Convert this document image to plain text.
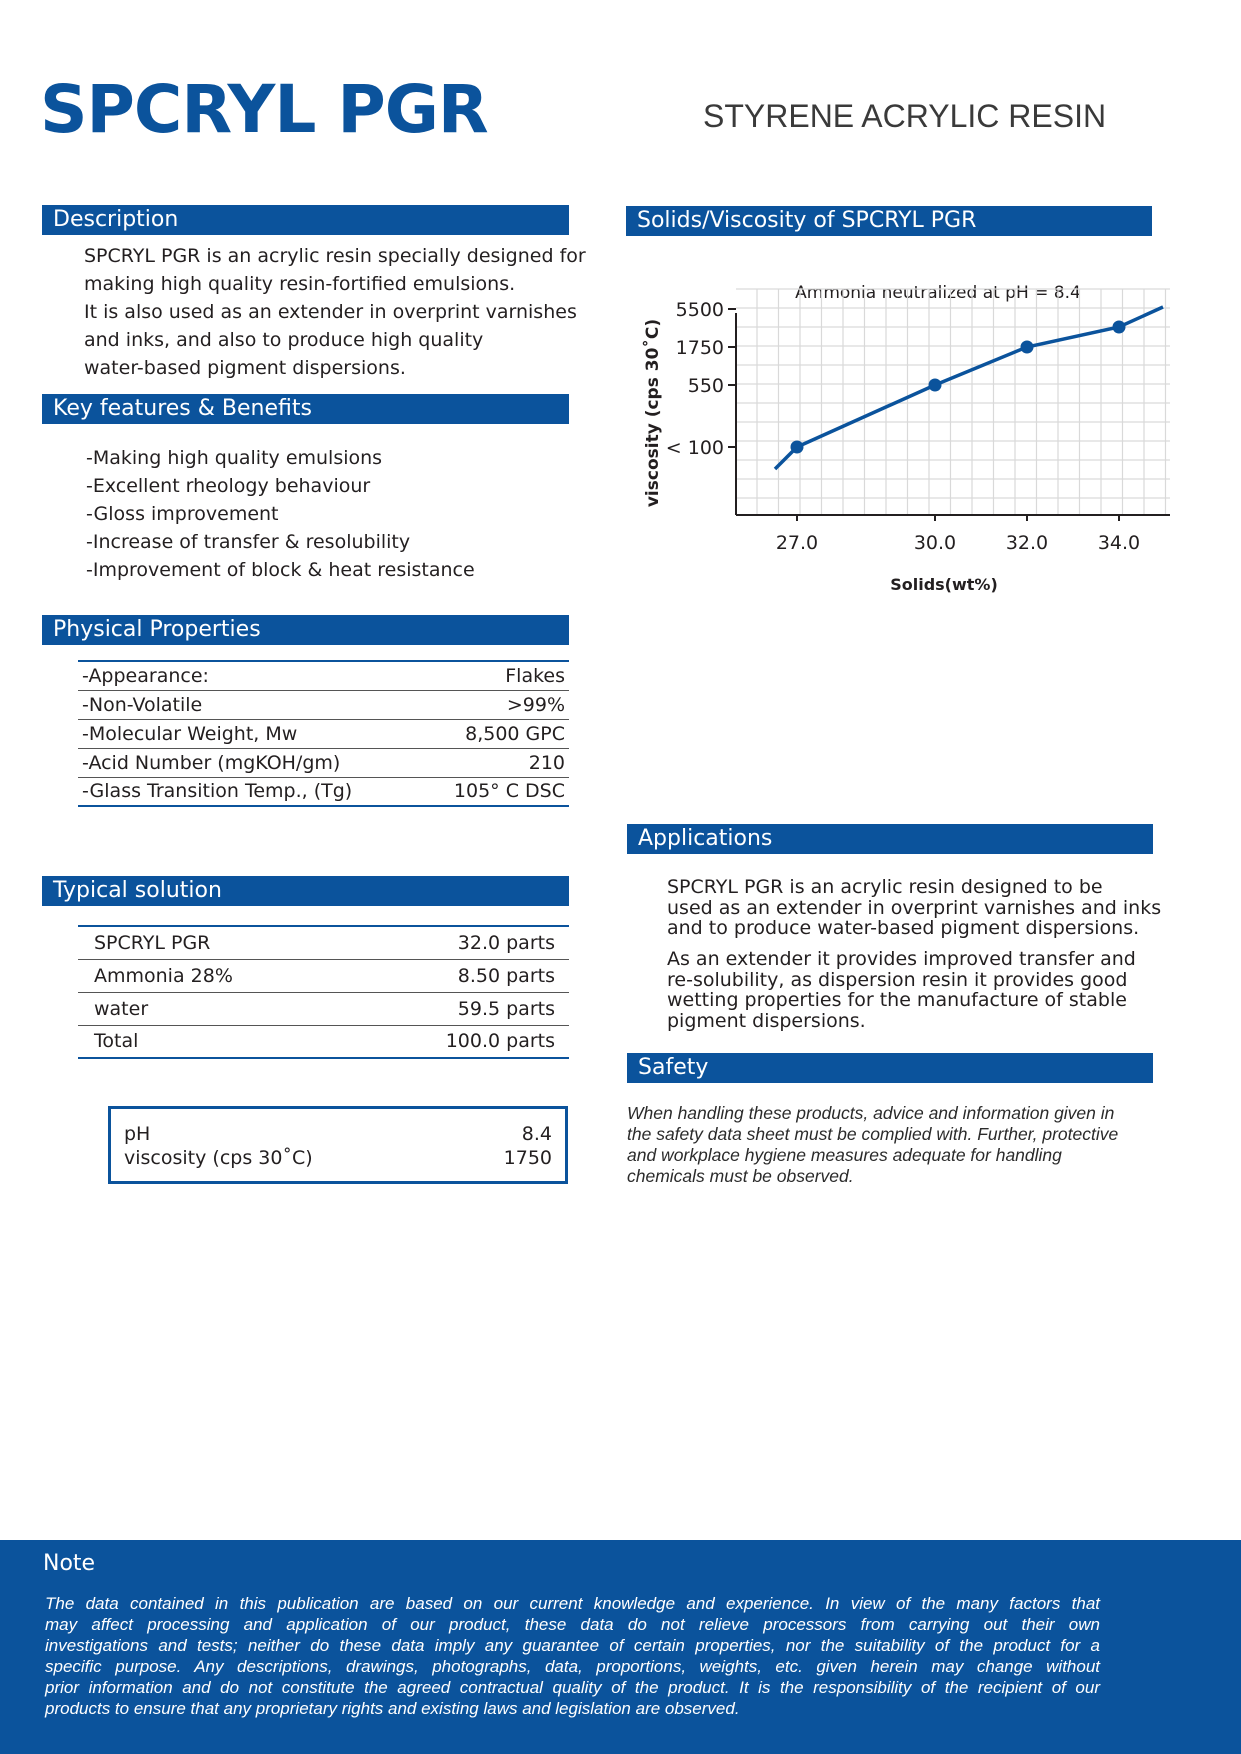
SPCRYL PGR	STYRENE ACRYLIC RESIN
Description

SPCRYL PGR is an acrylic resin specially designed for
making high quality resin-fortified emulsions.
It is also used as an extender in overprint varnishes
and inks, and also to produce high quality
water-based pigment dispersions.

Key features & Benefits
-Making high quality emulsions
-Excellent rheology behaviour
-Gloss improvement
-Increase of transfer & resolubility
-Improvement of block & heat resistance
Physical Properties
-Appearance:	Flakes
-Non-Volatile	>99%
-Molecular Weight, Mw	8,500 GPC
-Acid Number (mgKOH/gm)	210
-Glass Transition Temp., (Tg)	105° C DSC
Typical solution
SPCRYL PGR	32.0 parts
Ammonia 28%	8.50 parts
water	59.5 parts
Total	100.0 parts
pH	8.4
viscosity (cps 30˚C)	1750
Solids/Viscosity of SPCRYL PGR
Ammonia neutralized at pH = 8.4
< 100
550
1750
5500
27.0	30.0	32.0	34.0
Solids(wt%)
viscosity (cps 30˚C)
Applications

SPCRYL PGR is an acrylic resin designed to be
used as an extender in overprint varnishes and inks
and to produce water-based pigment dispersions.

As an extender it provides improved transfer and
re-solubility, as dispersion resin it provides good
wetting properties for the manufacture of stable
pigment dispersions.

Safety

When handling these products, advice and information given in
the safety data sheet must be complied with. Further, protective
and workplace hygiene measures adequate for handling
chemicals must be observed.

Note

The data contained in this publication are based on our current knowledge and experience. In view of the many factors that
may affect processing and application of our product, these data do not relieve processors from carrying out their own
investigations and tests; neither do these data imply any guarantee of certain properties, nor the suitability of the product for a
specific purpose. Any descriptions, drawings, photographs, data, proportions, weights, etc. given herein may change without
prior information and do not constitute the agreed contractual quality of the product. It is the responsibility of the recipient of our
products to ensure that any proprietary rights and existing laws and legislation are observed.
